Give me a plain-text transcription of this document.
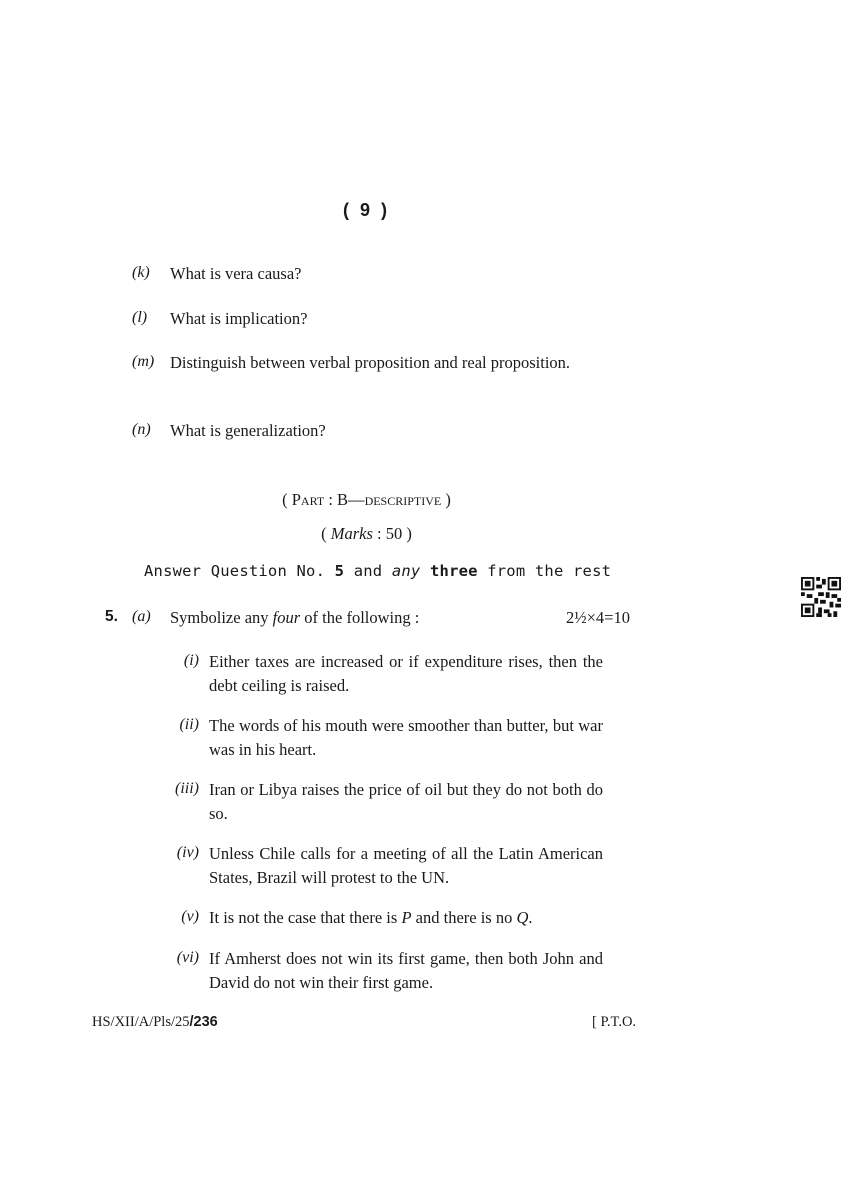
( 9 )
(k) What is vera causa?
(l) What is implication?
(m) Distinguish between verbal proposition and real proposition.
(n) What is generalization?
( Part : B—descriptive )
( Marks : 50 )
Answer Question No. 5 and any three from the rest
5. (a) Symbolize any four of the following :	2½×4=10
(i) Either taxes are increased or if expenditure rises, then the debt ceiling is raised.
(ii) The words of his mouth were smoother than butter, but war was in his heart.
(iii) Iran or Libya raises the price of oil but they do not both do so.
(iv) Unless Chile calls for a meeting of all the Latin American States, Brazil will protest to the UN.
(v) It is not the case that there is P and there is no Q.
(vi) If Amherst does not win its first game, then both John and David do not win their first game.
HS/XII/A/Pls/25/236	[ P.T.O.
